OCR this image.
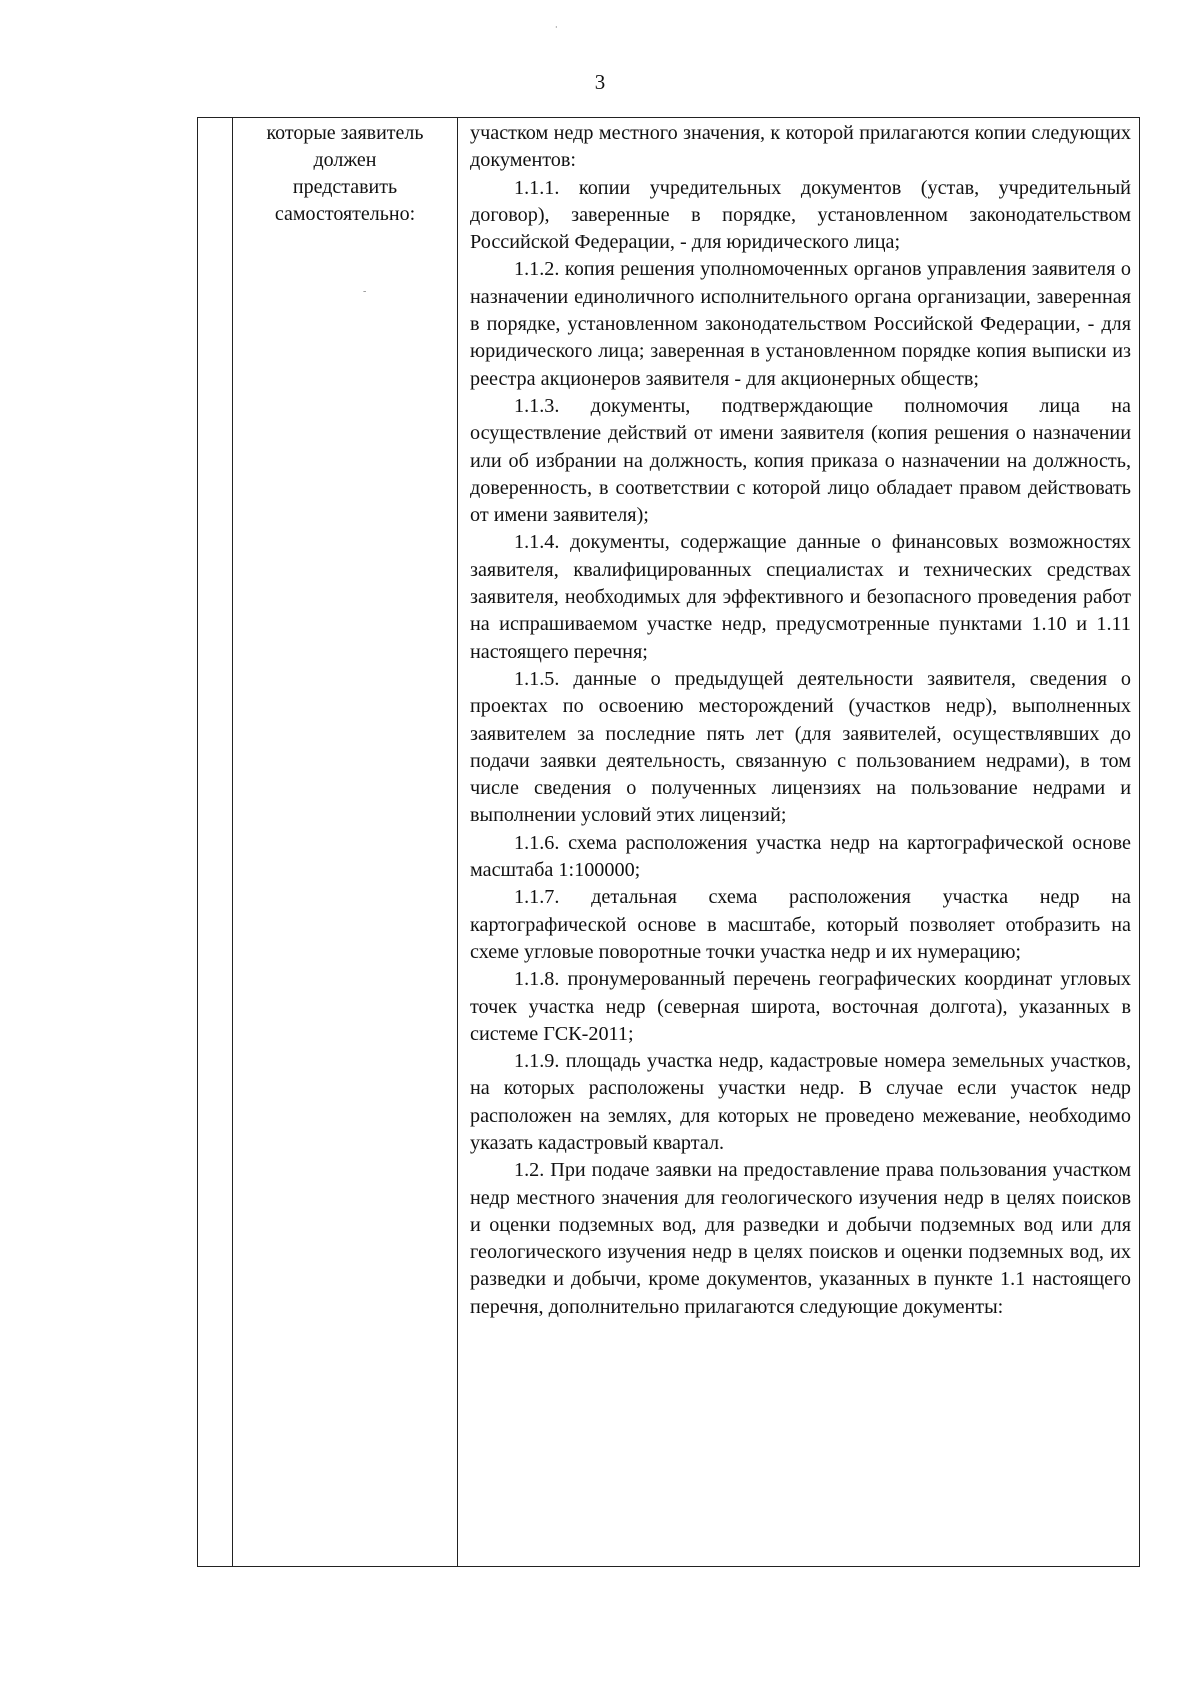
3
которые заявитель
должен
представить
самостоятельно:

участком недр местного значения, к которой прилагаются копии следующих документов:

1.1.1. копии учредительных документов (устав, учредительный договор), заверенные в порядке, установленном законодательством Российской Федерации, - для юридического лица;

1.1.2. копия решения уполномоченных органов управления заявителя о назначении единоличного исполнительного органа организации, заверенная в порядке, установленном законодательством Российской Федерации, - для юридического лица; заверенная в установленном порядке копия выписки из реестра акционеров заявителя - для акционерных обществ;

1.1.3. документы, подтверждающие полномочия лица на осуществление действий от имени заявителя (копия решения о назначении или об избрании на должность, копия приказа о назначении на должность, доверенность, в соответствии с которой лицо обладает правом действовать от имени заявителя);

1.1.4. документы, содержащие данные о финансовых возможностях заявителя, квалифицированных специалистах и технических средствах заявителя, необходимых для эффективного и безопасного проведения работ на испрашиваемом участке недр, предусмотренные пунктами 1.10 и 1.11 настоящего перечня;

1.1.5. данные о предыдущей деятельности заявителя, сведения о проектах по освоению месторождений (участков недр), выполненных заявителем за последние пять лет (для заявителей, осуществлявших до подачи заявки деятельность, связанную с пользованием недрами), в том числе сведения о полученных лицензиях на пользование недрами и выполнении условий этих лицензий;

1.1.6. схема расположения участка недр на картографической основе масштаба 1:100000;

1.1.7. детальная схема расположения участка недр на картографической основе в масштабе, который позволяет отобразить на схеме угловые поворотные точки участка недр и их нумерацию;

1.1.8. пронумерованный перечень географических координат угловых точек участка недр (северная широта, восточная долгота), указанных в системе ГСК-2011;

1.1.9. площадь участка недр, кадастровые номера земельных участков, на которых расположены участки недр. В случае если участок недр расположен на землях, для которых не проведено межевание, необходимо указать кадастровый квартал.

1.2. При подаче заявки на предоставление права пользования участком недр местного значения для геологического изучения недр в целях поисков и оценки подземных вод, для разведки и добычи подземных вод или для геологического изучения недр в целях поисков и оценки подземных вод, их разведки и добычи, кроме документов, указанных в пункте 1.1 настоящего перечня, дополнительно прилагаются следующие документы:

⸳
-
